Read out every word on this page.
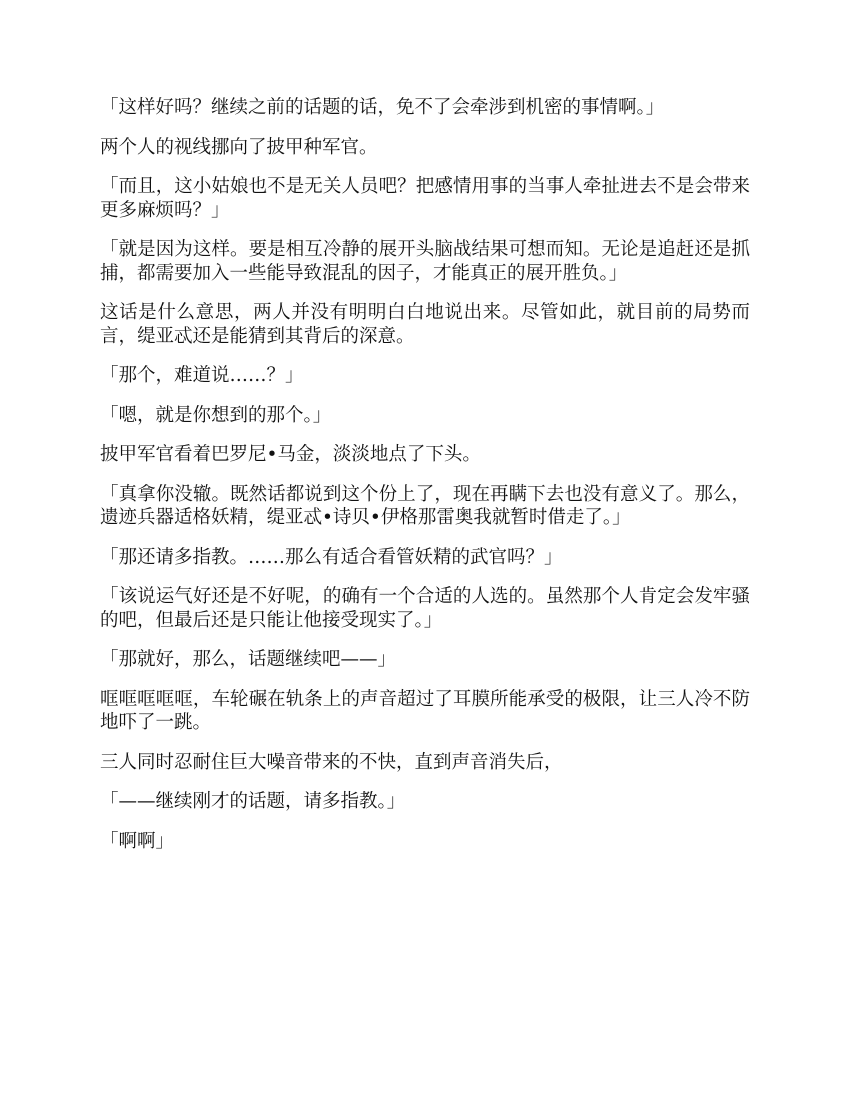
「这样好吗？继续之前的话题的话，免不了会牵涉到机密的事情啊。」

两个人的视线挪向了披甲种军官。

「而且，这小姑娘也不是无关人员吧？把感情用事的当事人牵扯进去不是会带来更多麻烦吗？」

「就是因为这样。要是相互冷静的展开头脑战结果可想而知。无论是追赶还是抓捕，都需要加入一些能导致混乱的因子，才能真正的展开胜负。」

这话是什么意思，两人并没有明明白白地说出来。尽管如此，就目前的局势而言，缇亚忒还是能猜到其背后的深意。

「那个，难道说……？」

「嗯，就是你想到的那个。」

披甲军官看着巴罗尼•马金，淡淡地点了下头。

「真拿你没辙。既然话都说到这个份上了，现在再瞒下去也没有意义了。那么，遗迹兵器适格妖精，缇亚忒•诗贝•伊格那雷奥我就暂时借走了。」

「那还请多指教。……那么有适合看管妖精的武官吗？」

「该说运气好还是不好呢，的确有一个合适的人选的。虽然那个人肯定会发牢骚的吧，但最后还是只能让他接受现实了。」

「那就好，那么，话题继续吧——」

哐哐哐哐哐，车轮碾在轨条上的声音超过了耳膜所能承受的极限，让三人冷不防地吓了一跳。

三人同时忍耐住巨大噪音带来的不快，直到声音消失后，

「——继续刚才的话题，请多指教。」

「啊啊」
